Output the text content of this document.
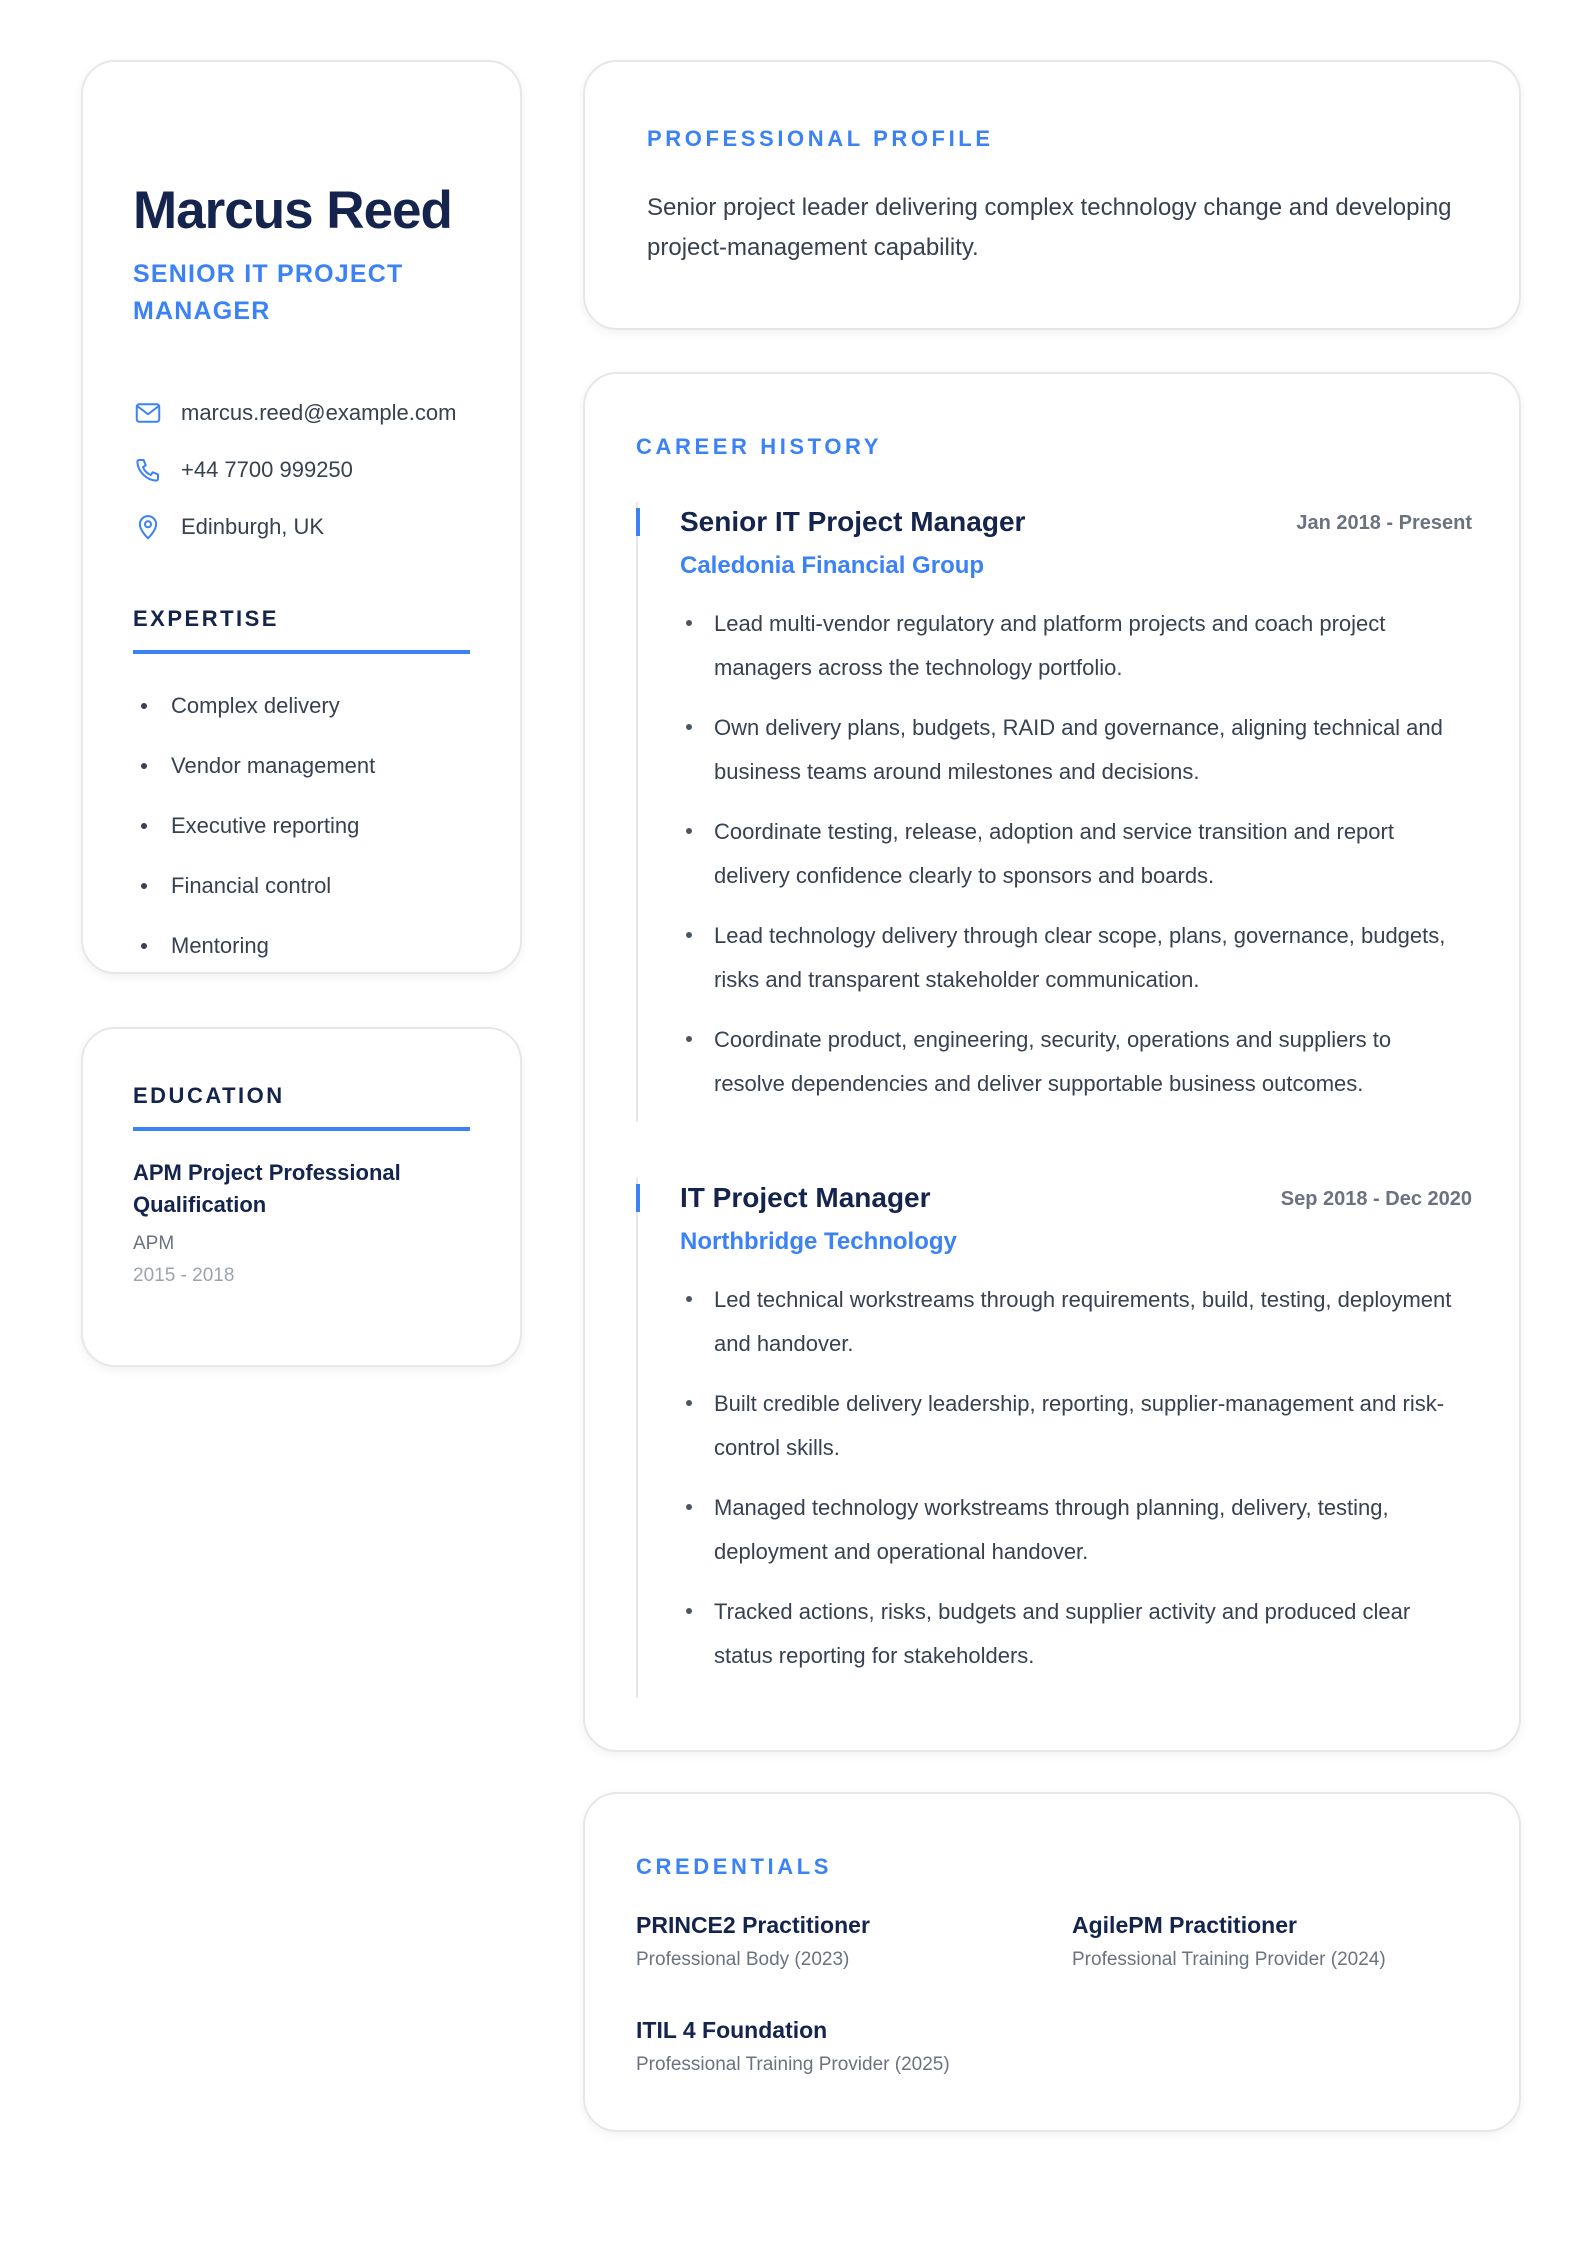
Marcus Reed
SENIOR IT PROJECT MANAGER
marcus.reed@example.com
+44 7700 999250
Edinburgh, UK
EXPERTISE
Complex delivery
Vendor management
Executive reporting
Financial control
Mentoring
EDUCATION
APM Project Professional Qualification
APM
2015 - 2018
PROFESSIONAL PROFILE

Senior project leader delivering complex technology change and developing project-management capability.

CAREER HISTORY
Senior IT Project Manager	Jan 2018 - Present
Caledonia Financial Group
Lead multi-vendor regulatory and platform projects and coach project managers across the technology portfolio.
Own delivery plans, budgets, RAID and governance, aligning technical and business teams around milestones and decisions.
Coordinate testing, release, adoption and service transition and report delivery confidence clearly to sponsors and boards.
Lead technology delivery through clear scope, plans, governance, budgets, risks and transparent stakeholder communication.
Coordinate product, engineering, security, operations and suppliers to resolve dependencies and deliver supportable business outcomes.
IT Project Manager	Sep 2018 - Dec 2020
Northbridge Technology
Led technical workstreams through requirements, build, testing, deployment and handover.
Built credible delivery leadership, reporting, supplier-management and risk-control skills.
Managed technology workstreams through planning, delivery, testing, deployment and operational handover.
Tracked actions, risks, budgets and supplier activity and produced clear status reporting for stakeholders.
CREDENTIALS
PRINCE2 Practitioner
Professional Body (2023)
AgilePM Practitioner
Professional Training Provider (2024)
ITIL 4 Foundation
Professional Training Provider (2025)
